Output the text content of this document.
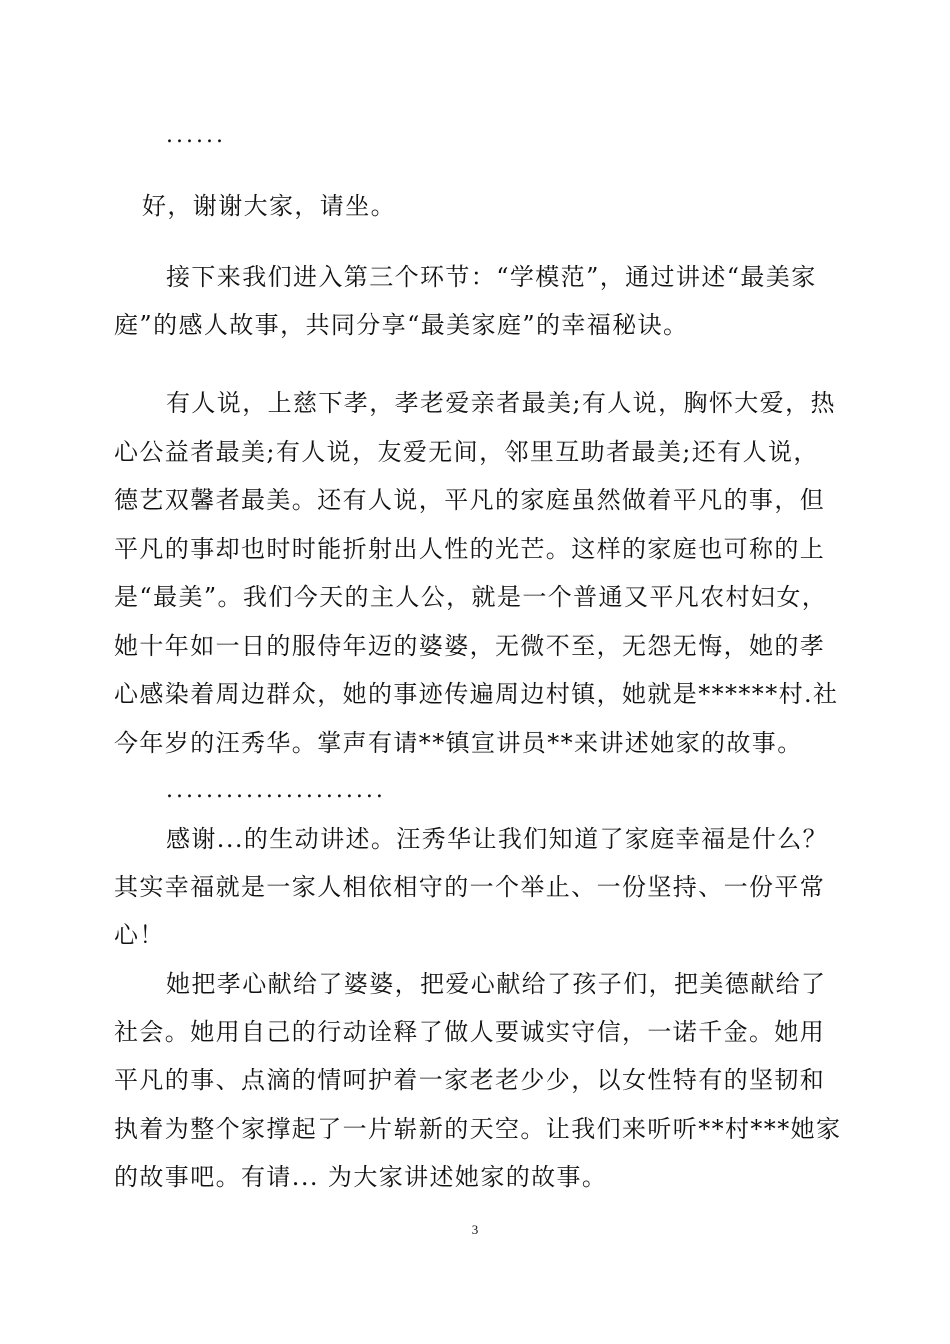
......
好，谢谢大家，请坐。
接下来我们进入第三个环节：“学模范”，通过讲述“最美家
庭”的感人故事，共同分享“最美家庭”的幸福秘诀。
有人说，上慈下孝，孝老爱亲者最美;有人说，胸怀大爱，热
心公益者最美;有人说，友爱无间，邻里互助者最美;还有人说，
德艺双馨者最美。还有人说，平凡的家庭虽然做着平凡的事，但
平凡的事却也时时能折射出人性的光芒。这样的家庭也可称的上
是“最美”。我们今天的主人公，就是一个普通又平凡农村妇女，
她十年如一日的服侍年迈的婆婆，无微不至，无怨无悔，她的孝
心感染着周边群众，她的事迹传遍周边村镇，她就是******村.社
今年岁的汪秀华。掌声有请**镇宣讲员**来讲述她家的故事。
......................
感谢...的生动讲述。汪秀华让我们知道了家庭幸福是什么？
其实幸福就是一家人相依相守的一个举止、一份坚持、一份平常
心！
她把孝心献给了婆婆，把爱心献给了孩子们，把美德献给了
社会。她用自己的行动诠释了做人要诚实守信，一诺千金。她用
平凡的事、点滴的情呵护着一家老老少少，以女性特有的坚韧和
执着为整个家撑起了一片崭新的天空。让我们来听听**村***她家
的故事吧。有请... 为大家讲述她家的故事。
3
